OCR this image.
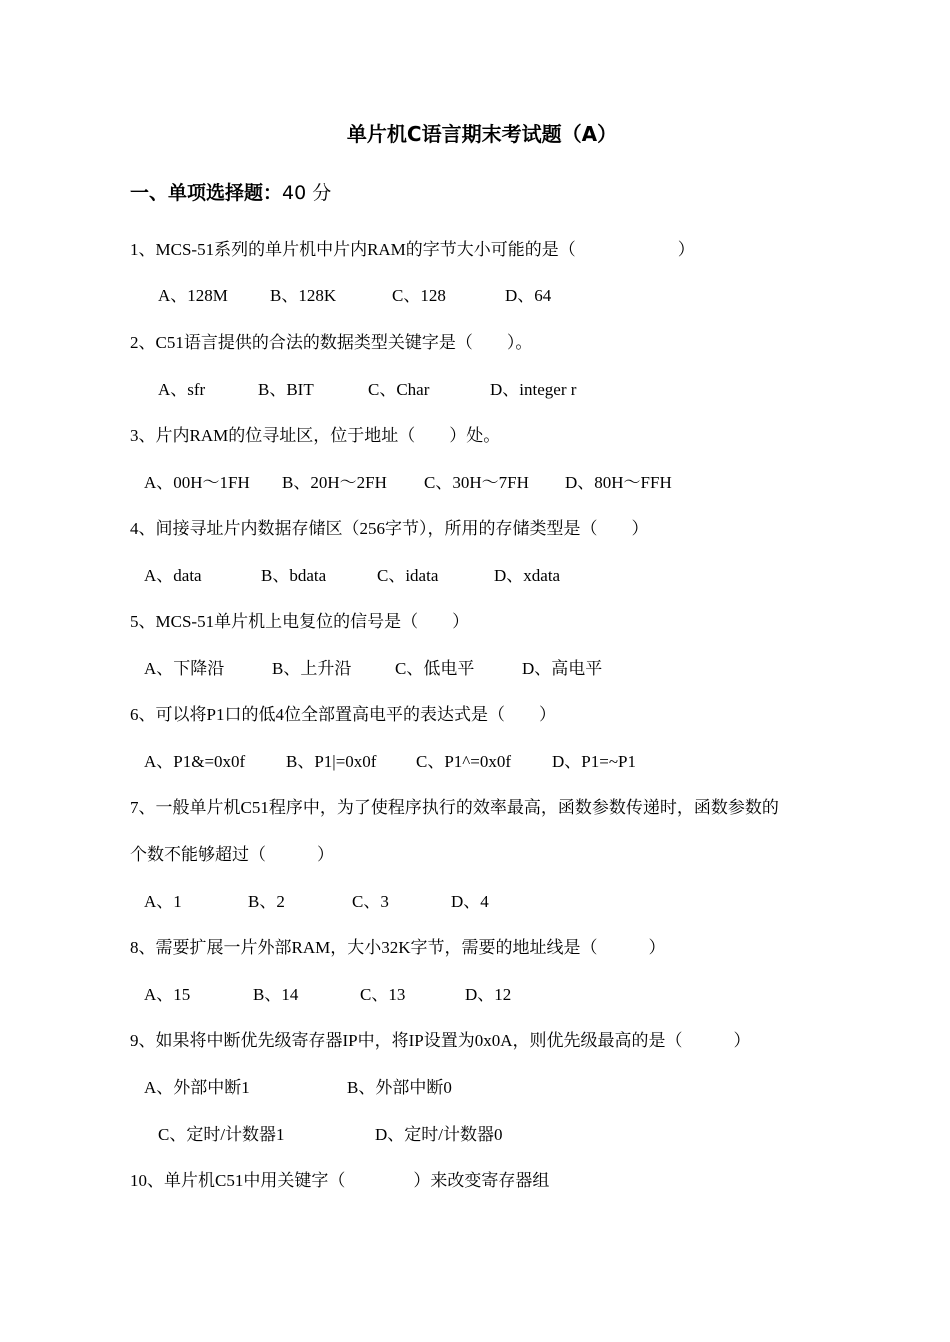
单片机C语言期末考试题（A）
一、单项选择题：40 分
1、MCS-51系列的单片机中片内RAM的字节大小可能的是（　　　　　　）
A、128M B、128K	C、128	D、64
2、C51语言提供的合法的数据类型关键字是（　　）。
A、sfr	B、BIT	C、Char	D、integer r
3、片内RAM的位寻址区，位于地址（　　）处。
A、00H～1FH B、20H～2FH C、30H～7FH D、80H～FFH
4、间接寻址片内数据存储区（256字节），所用的存储类型是（　　）
A、data	B、bdata	C、idata	D、xdata
5、MCS-51单片机上电复位的信号是（　　）
A、下降沿	B、上升沿	C、低电平	D、高电平
6、可以将P1口的低4位全部置高电平的表达式是（　　）
A、P1&=0x0f B、P1|=0x0f C、P1^=0x0f D、P1=~P1
7、一般单片机C51程序中，为了使程序执行的效率最高，函数参数传递时，函数参数的
个数不能够超过（　　　）
A、1	B、2	C、3	D、4
8、需要扩展一片外部RAM，大小32K字节，需要的地址线是（　　　）
A、15	B、14	C、13	D、12
9、如果将中断优先级寄存器IP中，将IP设置为0x0A，则优先级最高的是（　　　）
A、外部中断1	B、外部中断0
C、定时/计数器1	D、定时/计数器0
10、单片机C51中用关键字（　　　　）来改变寄存器组
